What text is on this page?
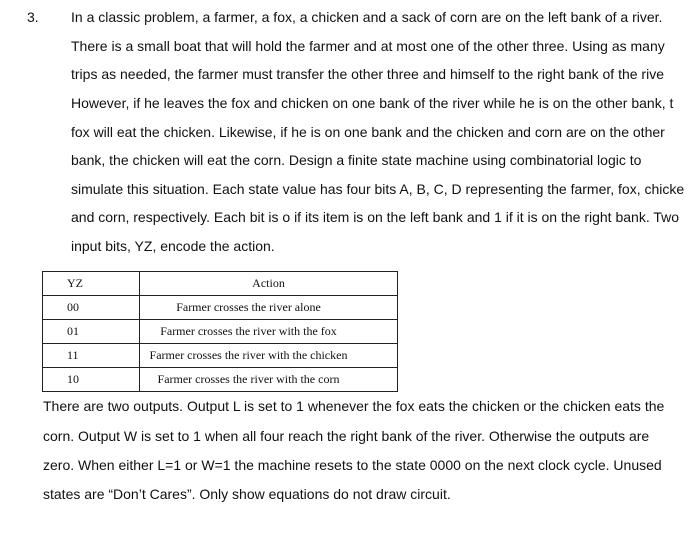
3. In a classic problem, a farmer, a fox, a chicken and a sack of corn are on the left bank of a river.
There is a small boat that will hold the farmer and at most one of the other three. Using as many
trips as needed, the farmer must transfer the other three and himself to the right bank of the rive
However, if he leaves the fox and chicken on one bank of the river while he is on the other bank, t
fox will eat the chicken. Likewise, if he is on one bank and the chicken and corn are on the other
bank, the chicken will eat the corn. Design a finite state machine using combinatorial logic to
simulate this situation. Each state value has four bits A, B, C, D representing the farmer, fox, chicke
and corn, respectively. Each bit is o if its item is on the left bank and 1 if it is on the right bank. Two
input bits, YZ, encode the action.
YZ	Action
00	Farmer crosses the river alone
01	Farmer crosses the river with the fox
11	Farmer crosses the river with the chicken
10	Farmer crosses the river with the corn
There are two outputs. Output L is set to 1 whenever the fox eats the chicken or the chicken eats the
corn. Output W is set to 1 when all four reach the right bank of the river. Otherwise the outputs are
zero. When either L=1 or W=1 the machine resets to the state 0000 on the next clock cycle. Unused
states are “Don’t Cares”. Only show equations do not draw circuit.
